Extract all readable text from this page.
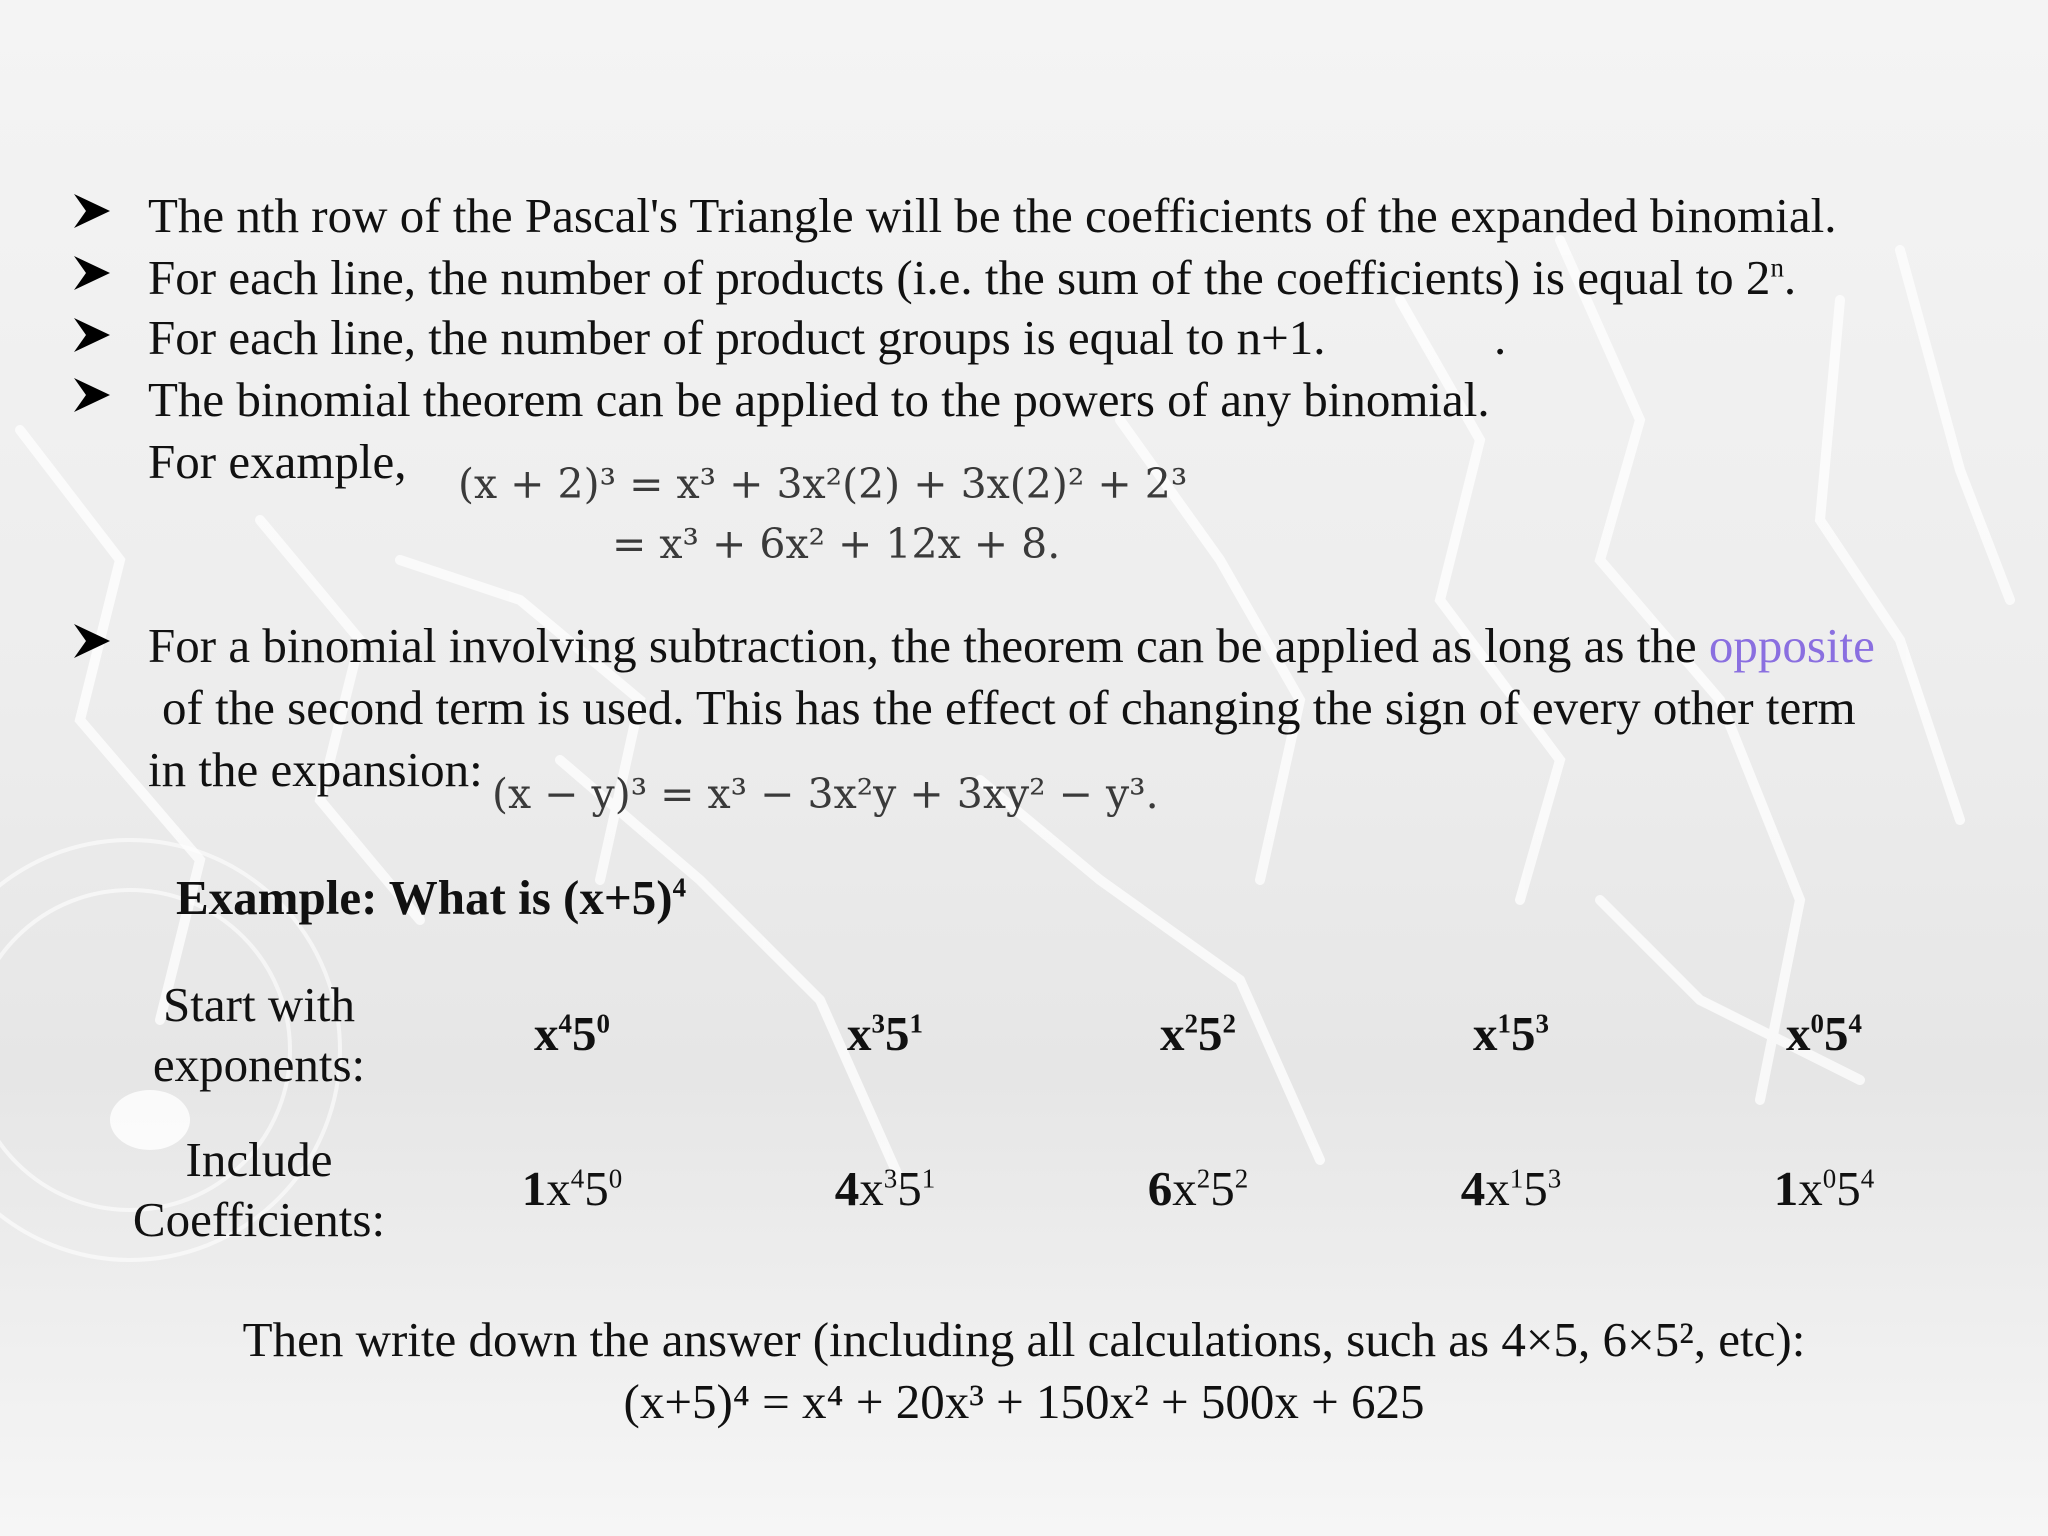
The nth row of the Pascal's Triangle will be the coefficients of the expanded binomial.
For each line, the number of products (i.e. the sum of the coefficients) is equal to 2$^n$.
For each line, the number of product groups is equal to n+1.	.
The binomial theorem can be applied to the powers of any binomial.
For example, (x + 2)³ = x³ + 3x²(2) + 3x(2)² + 2³
= x³ + 6x² + 12x + 8.
For a binomial involving subtraction, the theorem can be applied as long as the opposite
of the second term is used. This has the effect of changing the sign of every other term
in the expansion: (x − y)³ = x³ − 3x²y + 3xy² − y³.
Example: What is $(x+5)^4$
Start with
exponents:
$x^45^0$	$x^35^1$	$x^25^2$	$x^15^3$	$x^05^4$
Include
Coefficients:
$1x^45^0$	$4x^35^1$	$6x^25^2$	$4x^15^3$	$1x^05^4$
Then write down the answer (including all calculations, such as 4×5, 6×5², etc):
(x+5)⁴ = x⁴ + 20x³ + 150x² + 500x + 625
